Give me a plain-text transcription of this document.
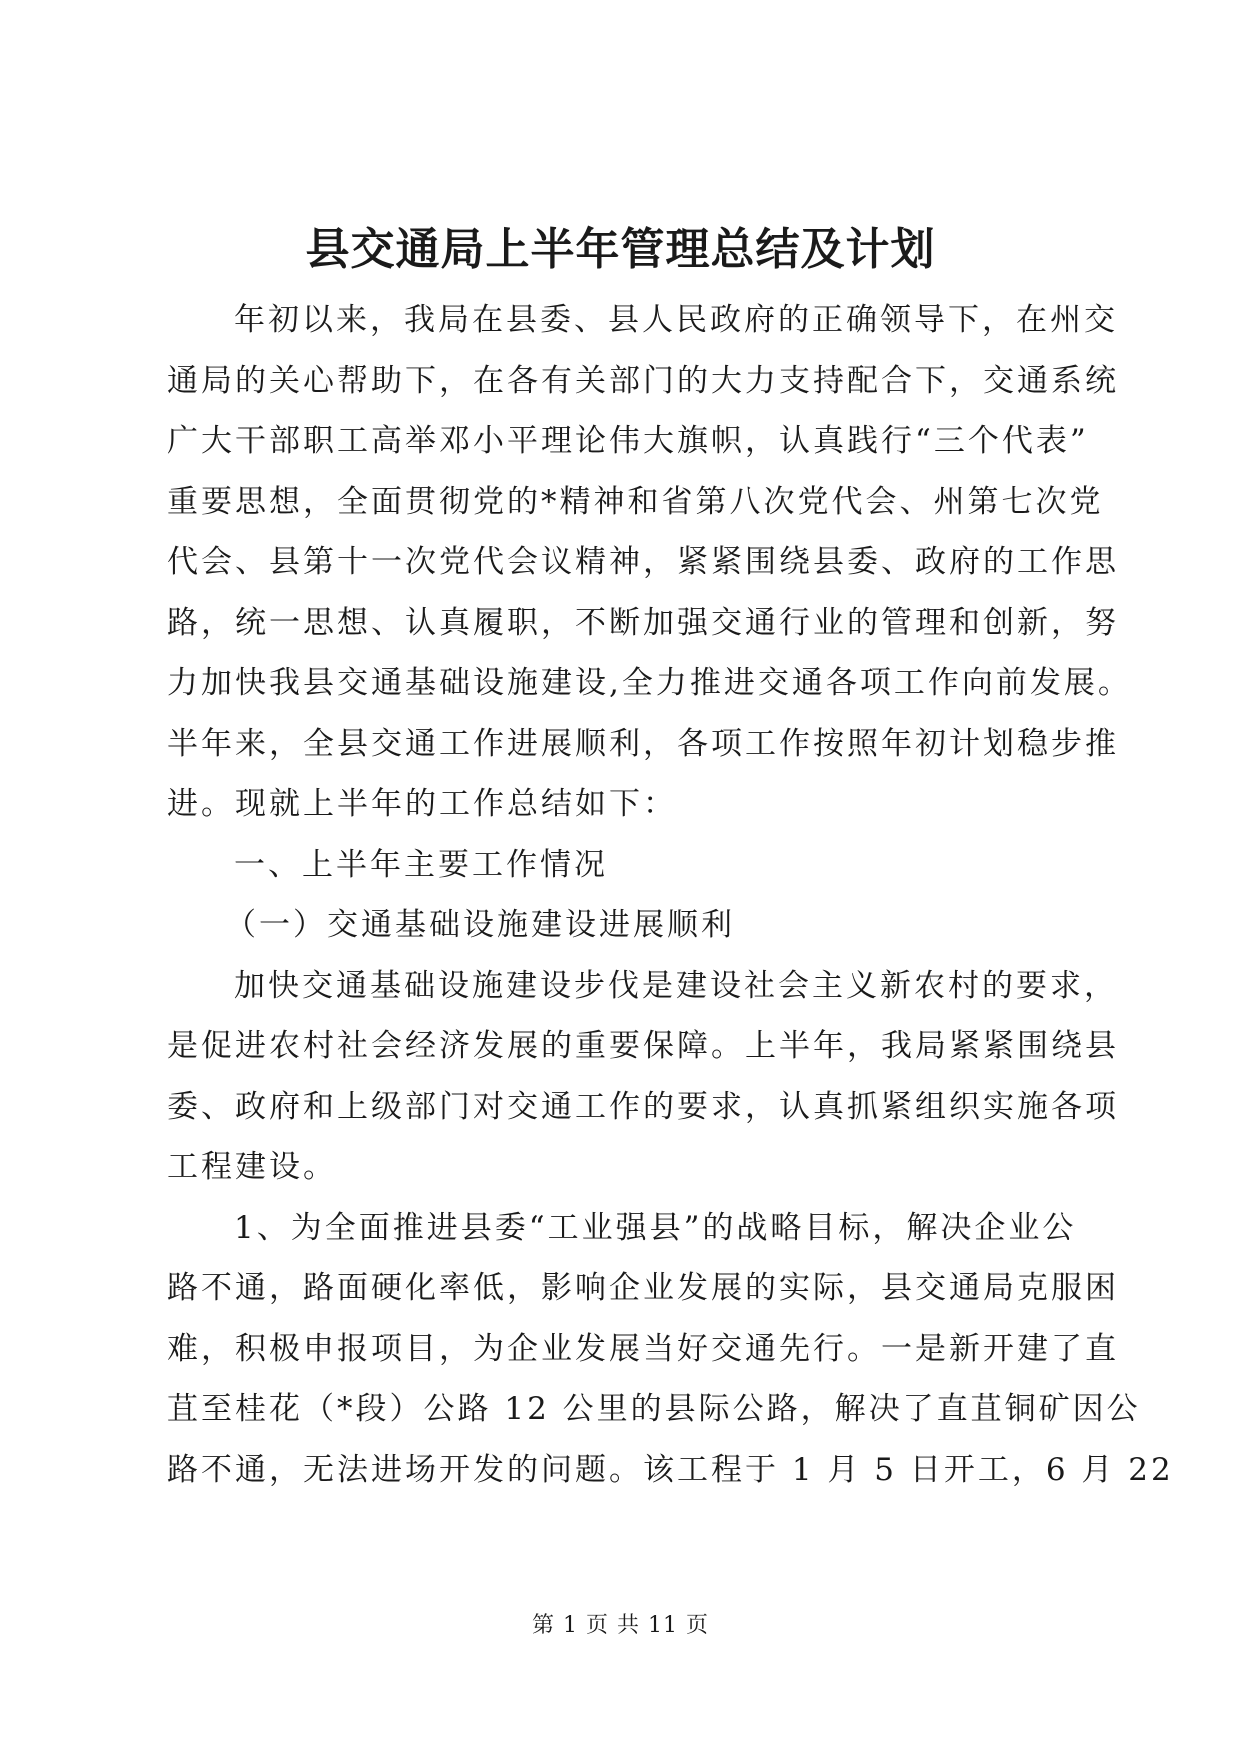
县交通局上半年管理总结及计划
年初以来，我局在县委、县人民政府的正确领导下，在州交
通局的关心帮助下，在各有关部门的大力支持配合下，交通系统
广大干部职工高举邓小平理论伟大旗帜，认真践行“三个代表”
重要思想，全面贯彻党的*精神和省第八次党代会、州第七次党
代会、县第十一次党代会议精神，紧紧围绕县委、政府的工作思
路，统一思想、认真履职，不断加强交通行业的管理和创新，努
力加快我县交通基础设施建设,全力推进交通各项工作向前发展。
半年来，全县交通工作进展顺利，各项工作按照年初计划稳步推
进。现就上半年的工作总结如下：
一、上半年主要工作情况
（一）交通基础设施建设进展顺利
加快交通基础设施建设步伐是建设社会主义新农村的要求，
是促进农村社会经济发展的重要保障。上半年，我局紧紧围绕县
委、政府和上级部门对交通工作的要求，认真抓紧组织实施各项
工程建设。
1、为全面推进县委“工业强县”的战略目标，解决企业公
路不通，路面硬化率低，影响企业发展的实际，县交通局克服困
难，积极申报项目，为企业发展当好交通先行。一是新开建了直
苴至桂花（*段）公路 12 公里的县际公路，解决了直苴铜矿因公
路不通，无法进场开发的问题。该工程于 1 月 5 日开工，6 月 22
第 1 页 共 11 页
